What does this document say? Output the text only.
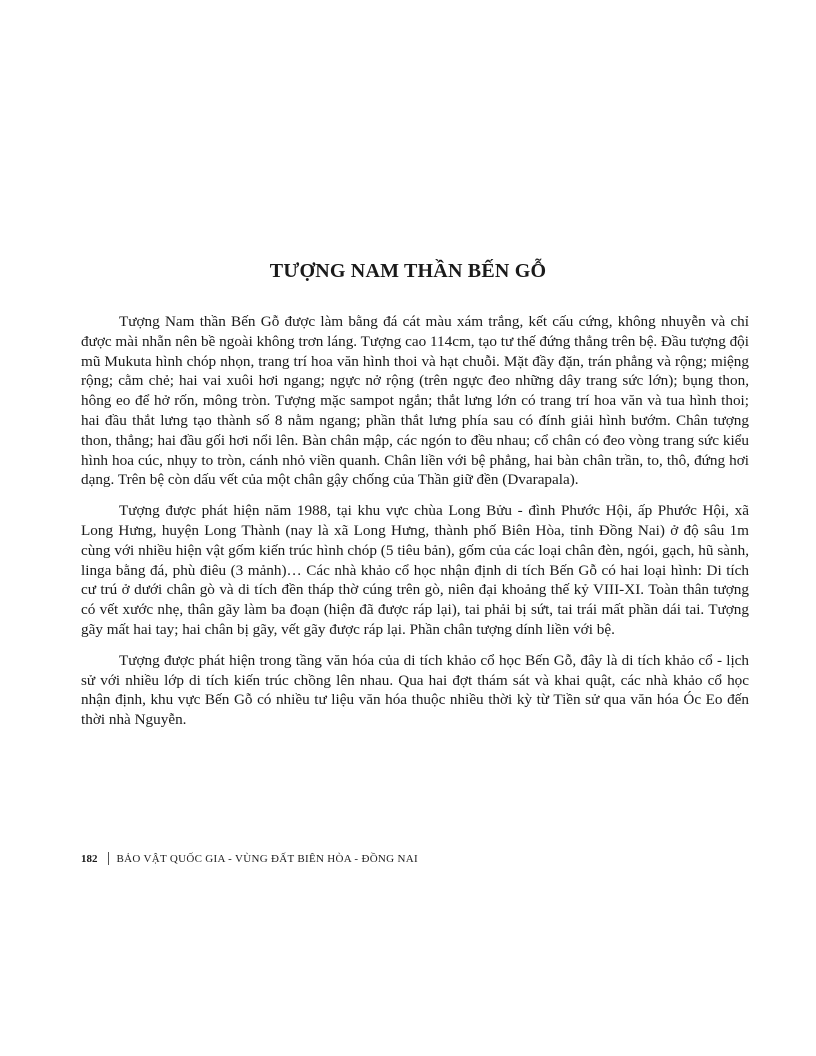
TƯỢNG NAM THẦN BẾN GỖ

Tượng Nam thần Bến Gỗ được làm bằng đá cát màu xám trắng, kết cấu cứng, không nhuyễn và chỉ được mài nhẵn nên bề ngoài không trơn láng. Tượng cao 114cm, tạo tư thế đứng thẳng trên bệ. Đầu tượng đội mũ Mukuta hình chóp nhọn, trang trí hoa văn hình thoi và hạt chuỗi. Mặt đầy đặn, trán phẳng và rộng; miệng rộng; cằm chẻ; hai vai xuôi hơi ngang; ngực nở rộng (trên ngực đeo những dây trang sức lớn); bụng thon, hông eo để hở rốn, mông tròn. Tượng mặc sampot ngắn; thắt lưng lớn có trang trí hoa văn và tua hình thoi; hai đầu thắt lưng tạo thành số 8 nằm ngang; phần thắt lưng phía sau có đính giải hình bướm. Chân tượng thon, thẳng; hai đầu gối hơi nổi lên. Bàn chân mập, các ngón to đều nhau; cổ chân có đeo vòng trang sức kiểu hình hoa cúc, nhụy to tròn, cánh nhỏ viền quanh. Chân liền với bệ phẳng, hai bàn chân trần, to, thô, đứng hơi dạng. Trên bệ còn dấu vết của một chân gậy chống của Thần giữ đền (Dvarapala).

Tượng được phát hiện năm 1988, tại khu vực chùa Long Bửu - đình Phước Hội, ấp Phước Hội, xã Long Hưng, huyện Long Thành (nay là xã Long Hưng, thành phố Biên Hòa, tỉnh Đồng Nai) ở độ sâu 1m cùng với nhiều hiện vật gốm kiến trúc hình chóp (5 tiêu bản), gốm của các loại chân đèn, ngói, gạch, hũ sành, linga bằng đá, phù điêu (3 mảnh)… Các nhà khảo cổ học nhận định di tích Bến Gỗ có hai loại hình: Di tích cư trú ở dưới chân gò và di tích đền tháp thờ cúng trên gò, niên đại khoảng thế kỷ VIII-XI. Toàn thân tượng có vết xước nhẹ, thân gãy làm ba đoạn (hiện đã được ráp lại), tai phải bị sứt, tai trái mất phần dái tai. Tượng gãy mất hai tay; hai chân bị gãy, vết gãy được ráp lại. Phần chân tượng dính liền với bệ.

Tượng được phát hiện trong tầng văn hóa của di tích khảo cổ học Bến Gỗ, đây là di tích khảo cổ - lịch sử với nhiều lớp di tích kiến trúc chồng lên nhau. Qua hai đợt thám sát và khai quật, các nhà khảo cổ học nhận định, khu vực Bến Gỗ có nhiều tư liệu văn hóa thuộc nhiều thời kỳ từ Tiền sử qua văn hóa Óc Eo đến thời nhà Nguyễn.

182 BẢO VẬT QUỐC GIA - VÙNG ĐẤT BIÊN HÒA - ĐỒNG NAI
